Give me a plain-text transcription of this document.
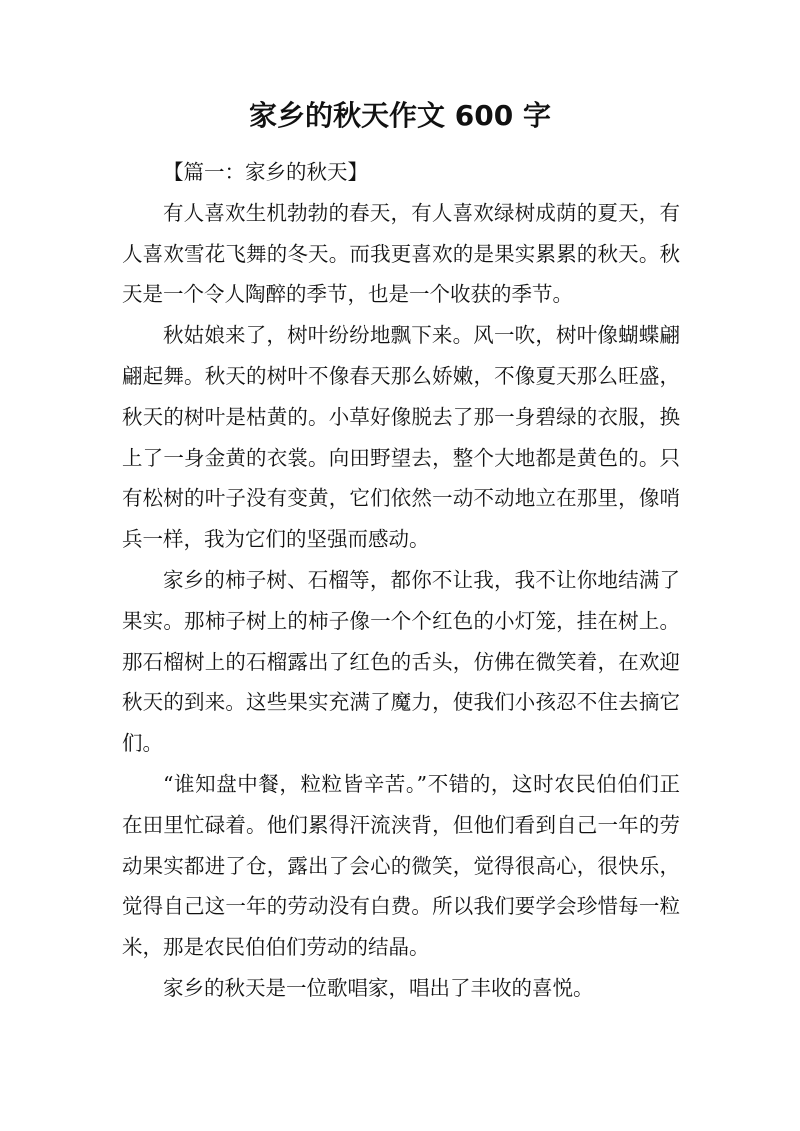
家乡的秋天作文 600 字

【篇一：家乡的秋天】

有人喜欢生机勃勃的春天，有人喜欢绿树成荫的夏天，有人喜欢雪花飞舞的冬天。而我更喜欢的是果实累累的秋天。秋天是一个令人陶醉的季节，也是一个收获的季节。

秋姑娘来了，树叶纷纷地飘下来。风一吹，树叶像蝴蝶翩翩起舞。秋天的树叶不像春天那么娇嫩，不像夏天那么旺盛，秋天的树叶是枯黄的。小草好像脱去了那一身碧绿的衣服，换上了一身金黄的衣裳。向田野望去，整个大地都是黄色的。只有松树的叶子没有变黄，它们依然一动不动地立在那里，像哨兵一样，我为它们的坚强而感动。

家乡的柿子树、石榴等，都你不让我，我不让你地结满了果实。那柿子树上的柿子像一个个红色的小灯笼，挂在树上。那石榴树上的石榴露出了红色的舌头，仿佛在微笑着，在欢迎秋天的到来。这些果实充满了魔力，使我们小孩忍不住去摘它们。

“谁知盘中餐，粒粒皆辛苦。”不错的，这时农民伯伯们正在田里忙碌着。他们累得汗流浃背，但他们看到自己一年的劳动果实都进了仓，露出了会心的微笑，觉得很高心，很快乐，觉得自己这一年的劳动没有白费。所以我们要学会珍惜每一粒米，那是农民伯伯们劳动的结晶。

家乡的秋天是一位歌唱家，唱出了丰收的喜悦。
